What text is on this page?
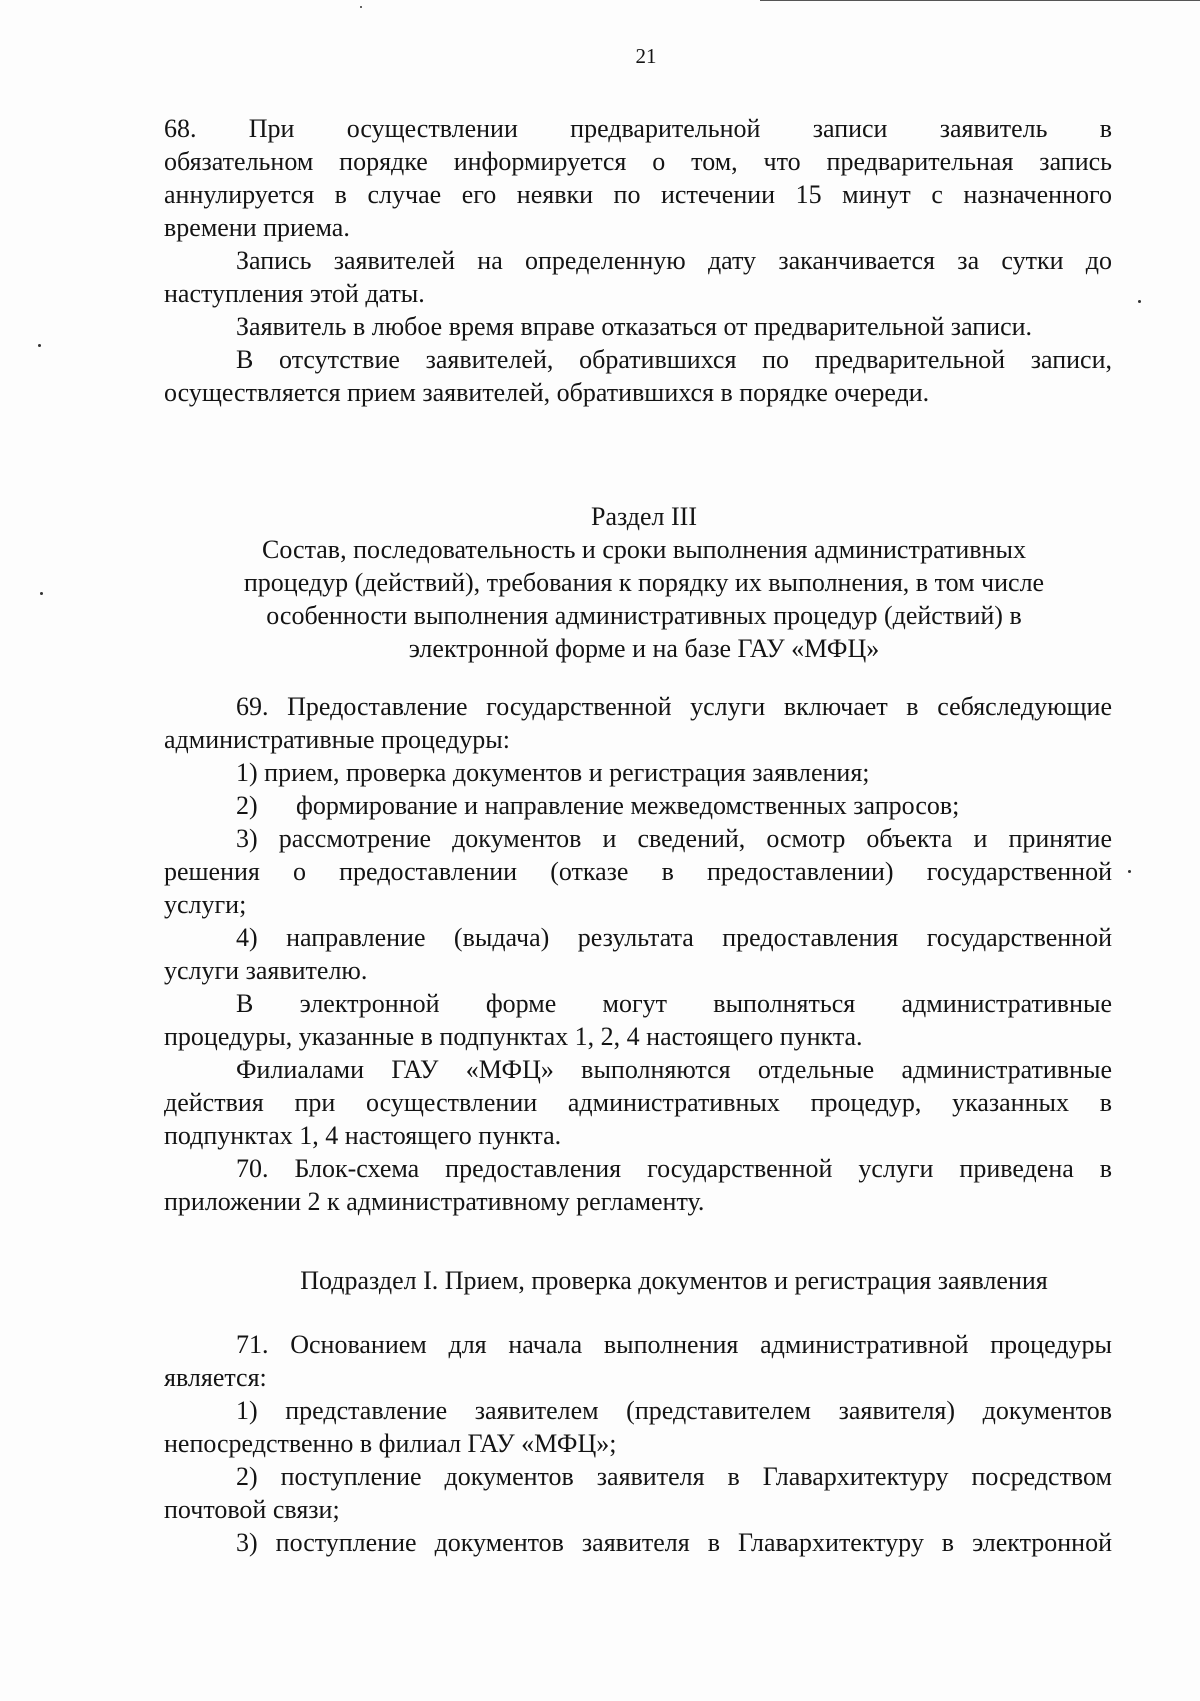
21
68. При осуществлении предварительной записи заявитель в
обязательном порядке информируется о том, что предварительная запись
аннулируется в случае его неявки по истечении 15 минут с назначенного
времени приема.
Запись заявителей на определенную дату заканчивается за сутки до
наступления этой даты.
Заявитель в любое время вправе отказаться от предварительной записи.
В отсутствие заявителей, обратившихся по предварительной записи,
осуществляется прием заявителей, обратившихся в порядке очереди.
Раздел III
Состав, последовательность и сроки выполнения административных
процедур (действий), требования к порядку их выполнения, в том числе
особенности выполнения административных процедур (действий) в
электронной форме и на базе ГАУ «МФЦ»
69. Предоставление государственной услуги включает в себяследующие
административные процедуры:
1) прием, проверка документов и регистрация заявления;
2)	формирование и направление межведомственных запросов;
3) рассмотрение документов и сведений, осмотр объекта и принятие
решения о предоставлении (отказе в предоставлении) государственной
услуги;
4) направление (выдача) результата предоставления государственной
услуги заявителю.
В электронной форме могут выполняться административные
процедуры, указанные в подпунктах 1, 2, 4 настоящего пункта.
Филиалами ГАУ «МФЦ» выполняются отдельные административные
действия при осуществлении административных процедур, указанных в
подпунктах 1, 4 настоящего пункта.
70. Блок-схема предоставления государственной услуги приведена в
приложении 2 к административному регламенту.
Подраздел I. Прием, проверка документов и регистрация заявления
71. Основанием для начала выполнения административной процедуры
является:
1) представление заявителем (представителем заявителя) документов
непосредственно в филиал ГАУ «МФЦ»;
2) поступление документов заявителя в Главархитектуру посредством
почтовой связи;
3) поступление документов заявителя в Главархитектуру в электронной
